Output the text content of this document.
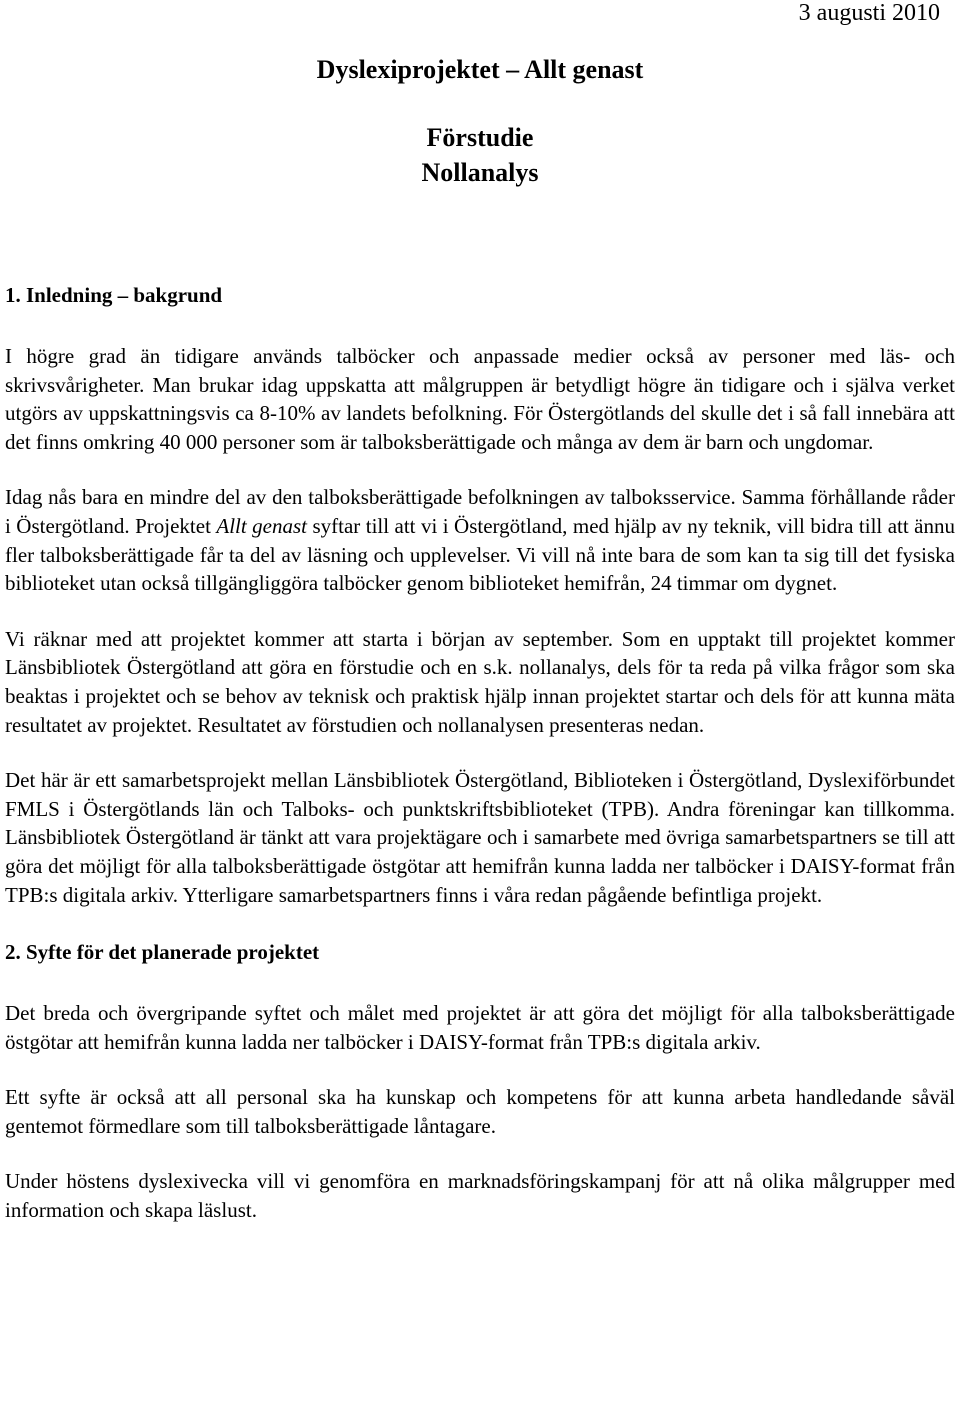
3 augusti 2010
Dyslexiprojektet – Allt genast
Förstudie
Nollanalys
1. Inledning – bakgrund

I högre grad än tidigare används talböcker och anpassade medier också av personer med läs- och skrivsvårigheter. Man brukar idag uppskatta att målgruppen är betydligt högre än tidigare och i själva verket utgörs av uppskattningsvis ca 8-10% av landets befolkning. För Östergötlands del skulle det i så fall innebära att det finns omkring 40 000 personer som är talboksberättigade och många av dem är barn och ungdomar.

Idag nås bara en mindre del av den talboksberättigade befolkningen av talboksservice. Samma förhållande råder i Östergötland. Projektet Allt genast syftar till att vi i Östergötland, med hjälp av ny teknik, vill bidra till att ännu fler talboksberättigade får ta del av läsning och upplevelser. Vi vill nå inte bara de som kan ta sig till det fysiska biblioteket utan också tillgängliggöra talböcker genom biblioteket hemifrån, 24 timmar om dygnet.

Vi räknar med att projektet kommer att starta i början av september. Som en upptakt till projektet kommer Länsbibliotek Östergötland att göra en förstudie och en s.k. nollanalys, dels för ta reda på vilka frågor som ska beaktas i projektet och se behov av teknisk och praktisk hjälp innan projektet startar och dels för att kunna mäta resultatet av projektet. Resultatet av förstudien och nollanalysen presenteras nedan.

Det här är ett samarbetsprojekt mellan Länsbibliotek Östergötland, Biblioteken i Östergötland, Dyslexiförbundet FMLS i Östergötlands län och Talboks- och punktskriftsbiblioteket (TPB). Andra föreningar kan tillkomma. Länsbibliotek Östergötland är tänkt att vara projektägare och i samarbete med övriga samarbetspartners se till att göra det möjligt för alla talboksberättigade östgötar att hemifrån kunna ladda ner talböcker i DAISY-format från TPB:s digitala arkiv. Ytterligare samarbetspartners finns i våra redan pågående befintliga projekt.

2. Syfte för det planerade projektet

Det breda och övergripande syftet och målet med projektet är att göra det möjligt för alla talboksberättigade östgötar att hemifrån kunna ladda ner talböcker i DAISY-format från TPB:s digitala arkiv.

Ett syfte är också att all personal ska ha kunskap och kompetens för att kunna arbeta handledande såväl gentemot förmedlare som till talboksberättigade låntagare.

Under höstens dyslexivecka vill vi genomföra en marknadsföringskampanj för att nå olika målgrupper med information och skapa läslust.
